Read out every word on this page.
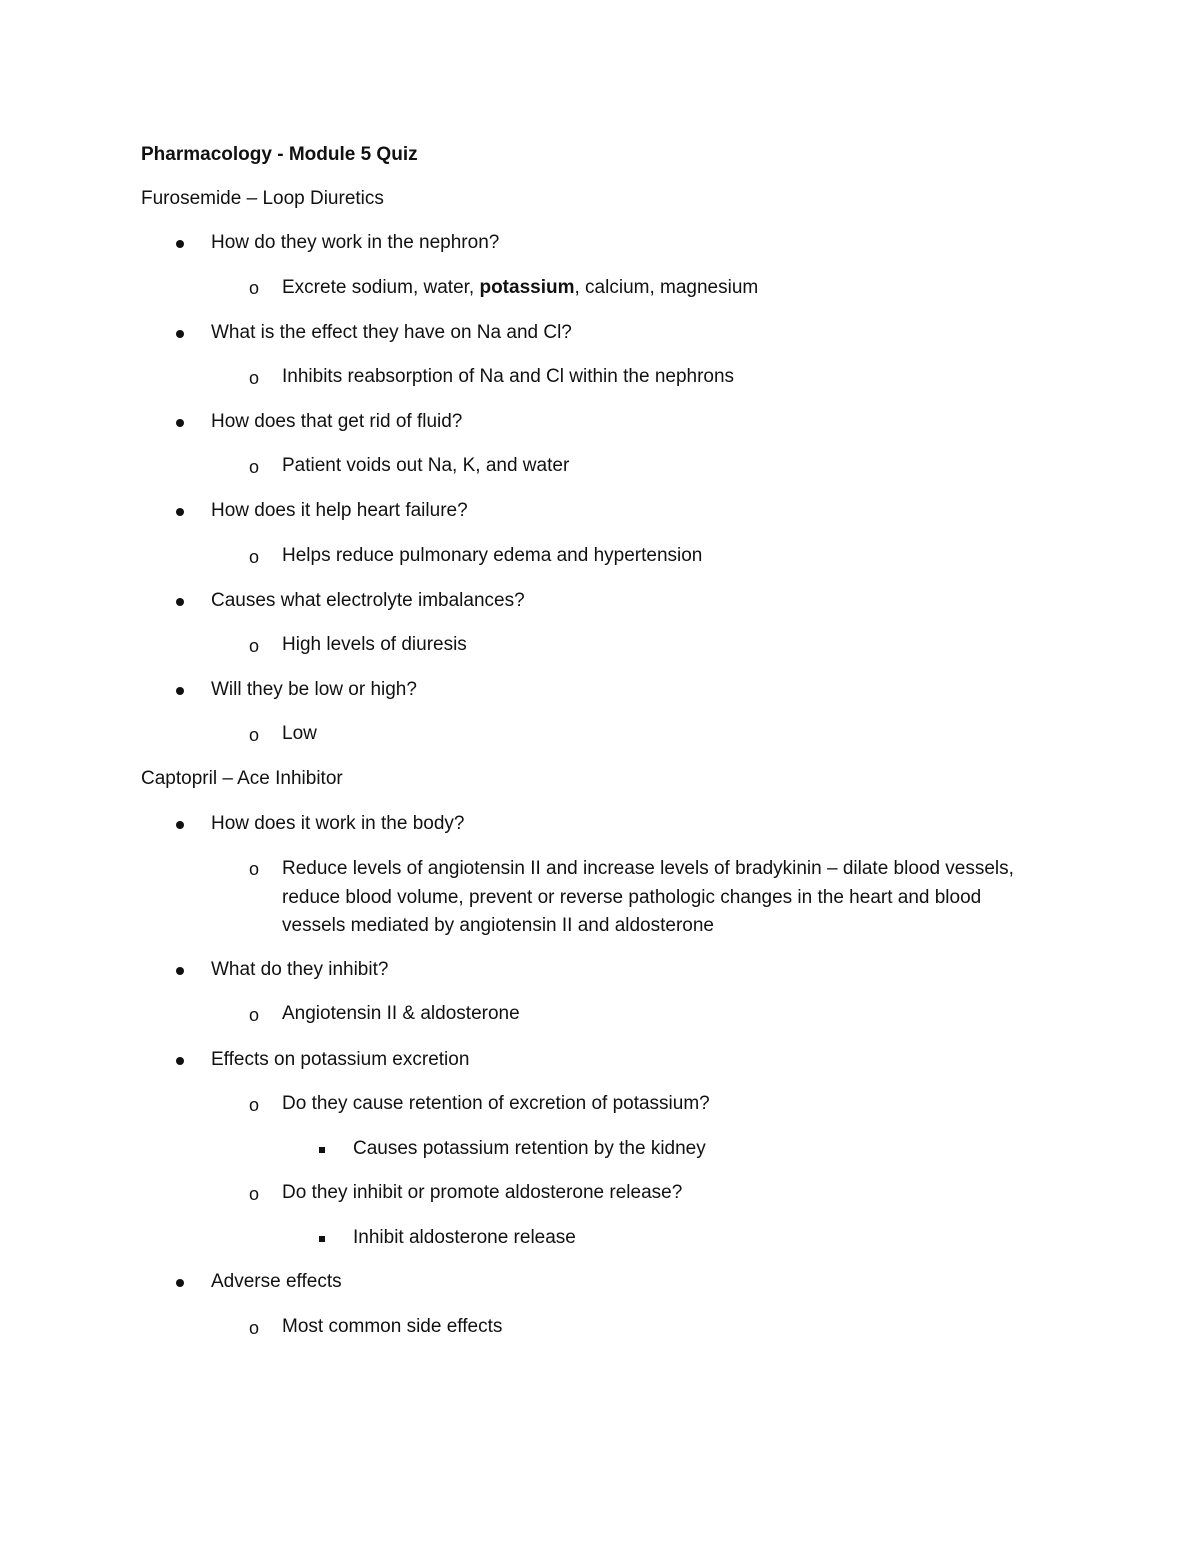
Pharmacology - Module 5 Quiz
Furosemide – Loop Diuretics
How do they work in the nephron?
o Excrete sodium, water, potassium, calcium, magnesium
What is the effect they have on Na and Cl?
o Inhibits reabsorption of Na and Cl within the nephrons
How does that get rid of fluid?
o Patient voids out Na, K, and water
How does it help heart failure?
o Helps reduce pulmonary edema and hypertension
Causes what electrolyte imbalances?
o High levels of diuresis
Will they be low or high?
o Low
Captopril – Ace Inhibitor
How does it work in the body?
o Reduce levels of angiotensin II and increase levels of bradykinin – dilate blood vessels,
reduce blood volume, prevent or reverse pathologic changes in the heart and blood
vessels mediated by angiotensin II and aldosterone
What do they inhibit?
o Angiotensin II & aldosterone
Effects on potassium excretion
o Do they cause retention of excretion of potassium?
Causes potassium retention by the kidney
o Do they inhibit or promote aldosterone release?
Inhibit aldosterone release
Adverse effects
o Most common side effects
